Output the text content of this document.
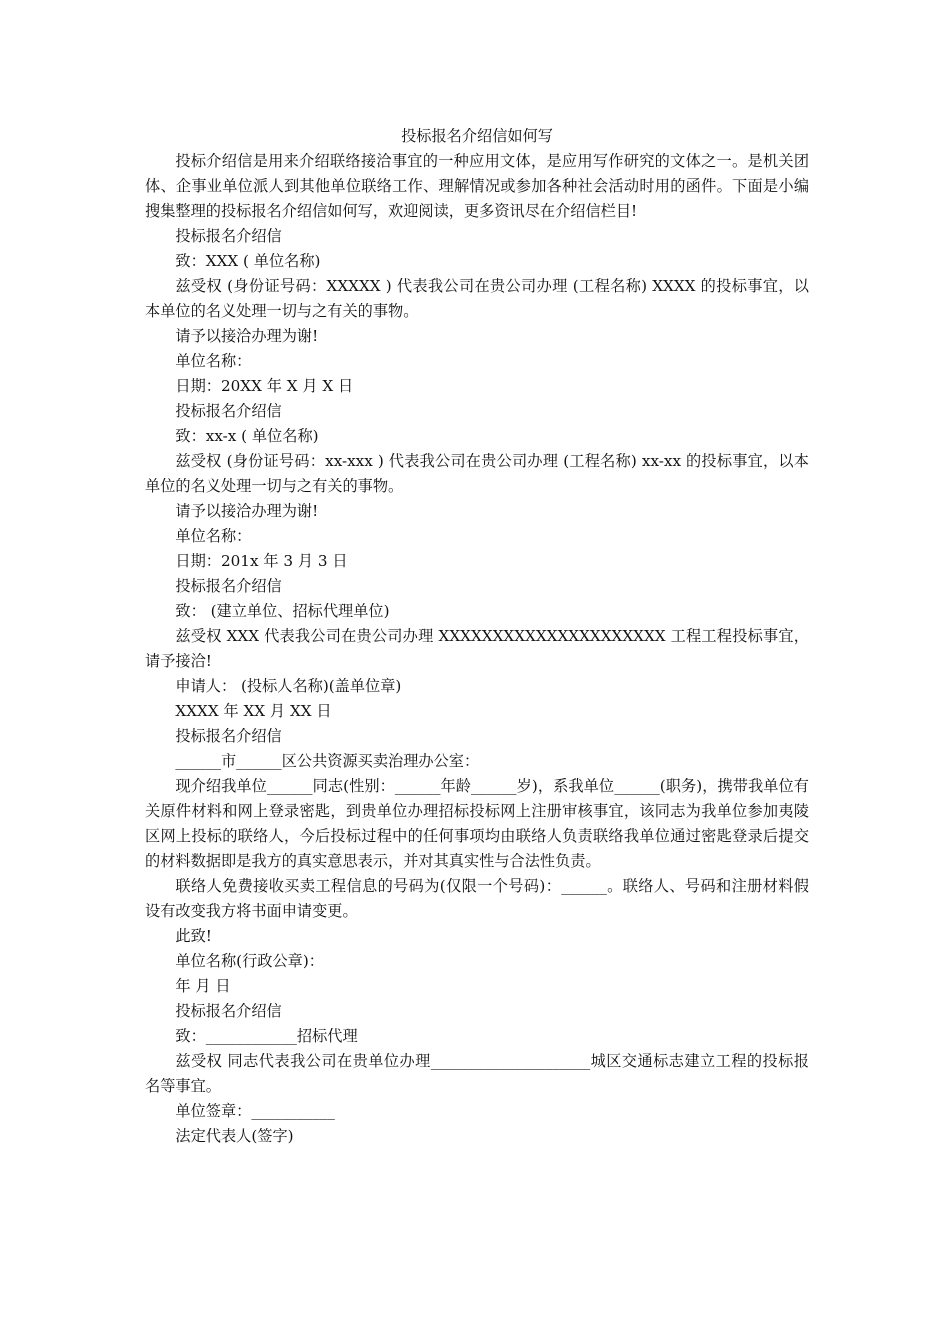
投标报名介绍信如何写

投标介绍信是用来介绍联络接洽事宜的一种应用文体，是应用写作研究的文体之一。是机关团体、企事业单位派人到其他单位联络工作、理解情况或参加各种社会活动时用的函件。下面是小编搜集整理的投标报名介绍信如何写，欢迎阅读，更多资讯尽在介绍信栏目!

投标报名介绍信

致：XXX ( 单位名称)

兹受权 (身份证号码：XXXXX ) 代表我公司在贵公司办理 (工程名称) XXXX 的投标事宜，以本单位的名义处理一切与之有关的事物。

请予以接洽办理为谢!

单位名称：

日期：20XX 年 X 月 X 日

投标报名介绍信

致：xx-x ( 单位名称)

兹受权 (身份证号码：xx-xxx ) 代表我公司在贵公司办理 (工程名称) xx-xx 的投标事宜，以本单位的名义处理一切与之有关的事物。

请予以接洽办理为谢!

单位名称：

日期：201x 年 3 月 3 日

投标报名介绍信

致： (建立单位、招标代理单位)

兹受权 XXX 代表我公司在贵公司办理 XXXXXXXXXXXXXXXXXXXXX 工程工程投标事宜，请予接洽!

申请人： (投标人名称)(盖单位章)

XXXX 年 XX 月 XX 日

投标报名介绍信

______市______区公共资源买卖治理办公室：

现介绍我单位______同志(性别：______年龄______岁)，系我单位______(职务)，携带我单位有关原件材料和网上登录密匙，到贵单位办理招标投标网上注册审核事宜，该同志为我单位参加夷陵区网上投标的联络人，今后投标过程中的任何事项均由联络人负责联络我单位通过密匙登录后提交的材料数据即是我方的真实意思表示，并对其真实性与合法性负责。

联络人免费接收买卖工程信息的号码为(仅限一个号码)：______。联络人、号码和注册材料假设有改变我方将书面申请变更。

此致!

单位名称(行政公章)：

年 月 日

投标报名介绍信

致：____________招标代理

兹受权 同志代表我公司在贵单位办理_____________________城区交通标志建立工程的投标报名等事宜。

单位签章：___________

法定代表人(签字)
